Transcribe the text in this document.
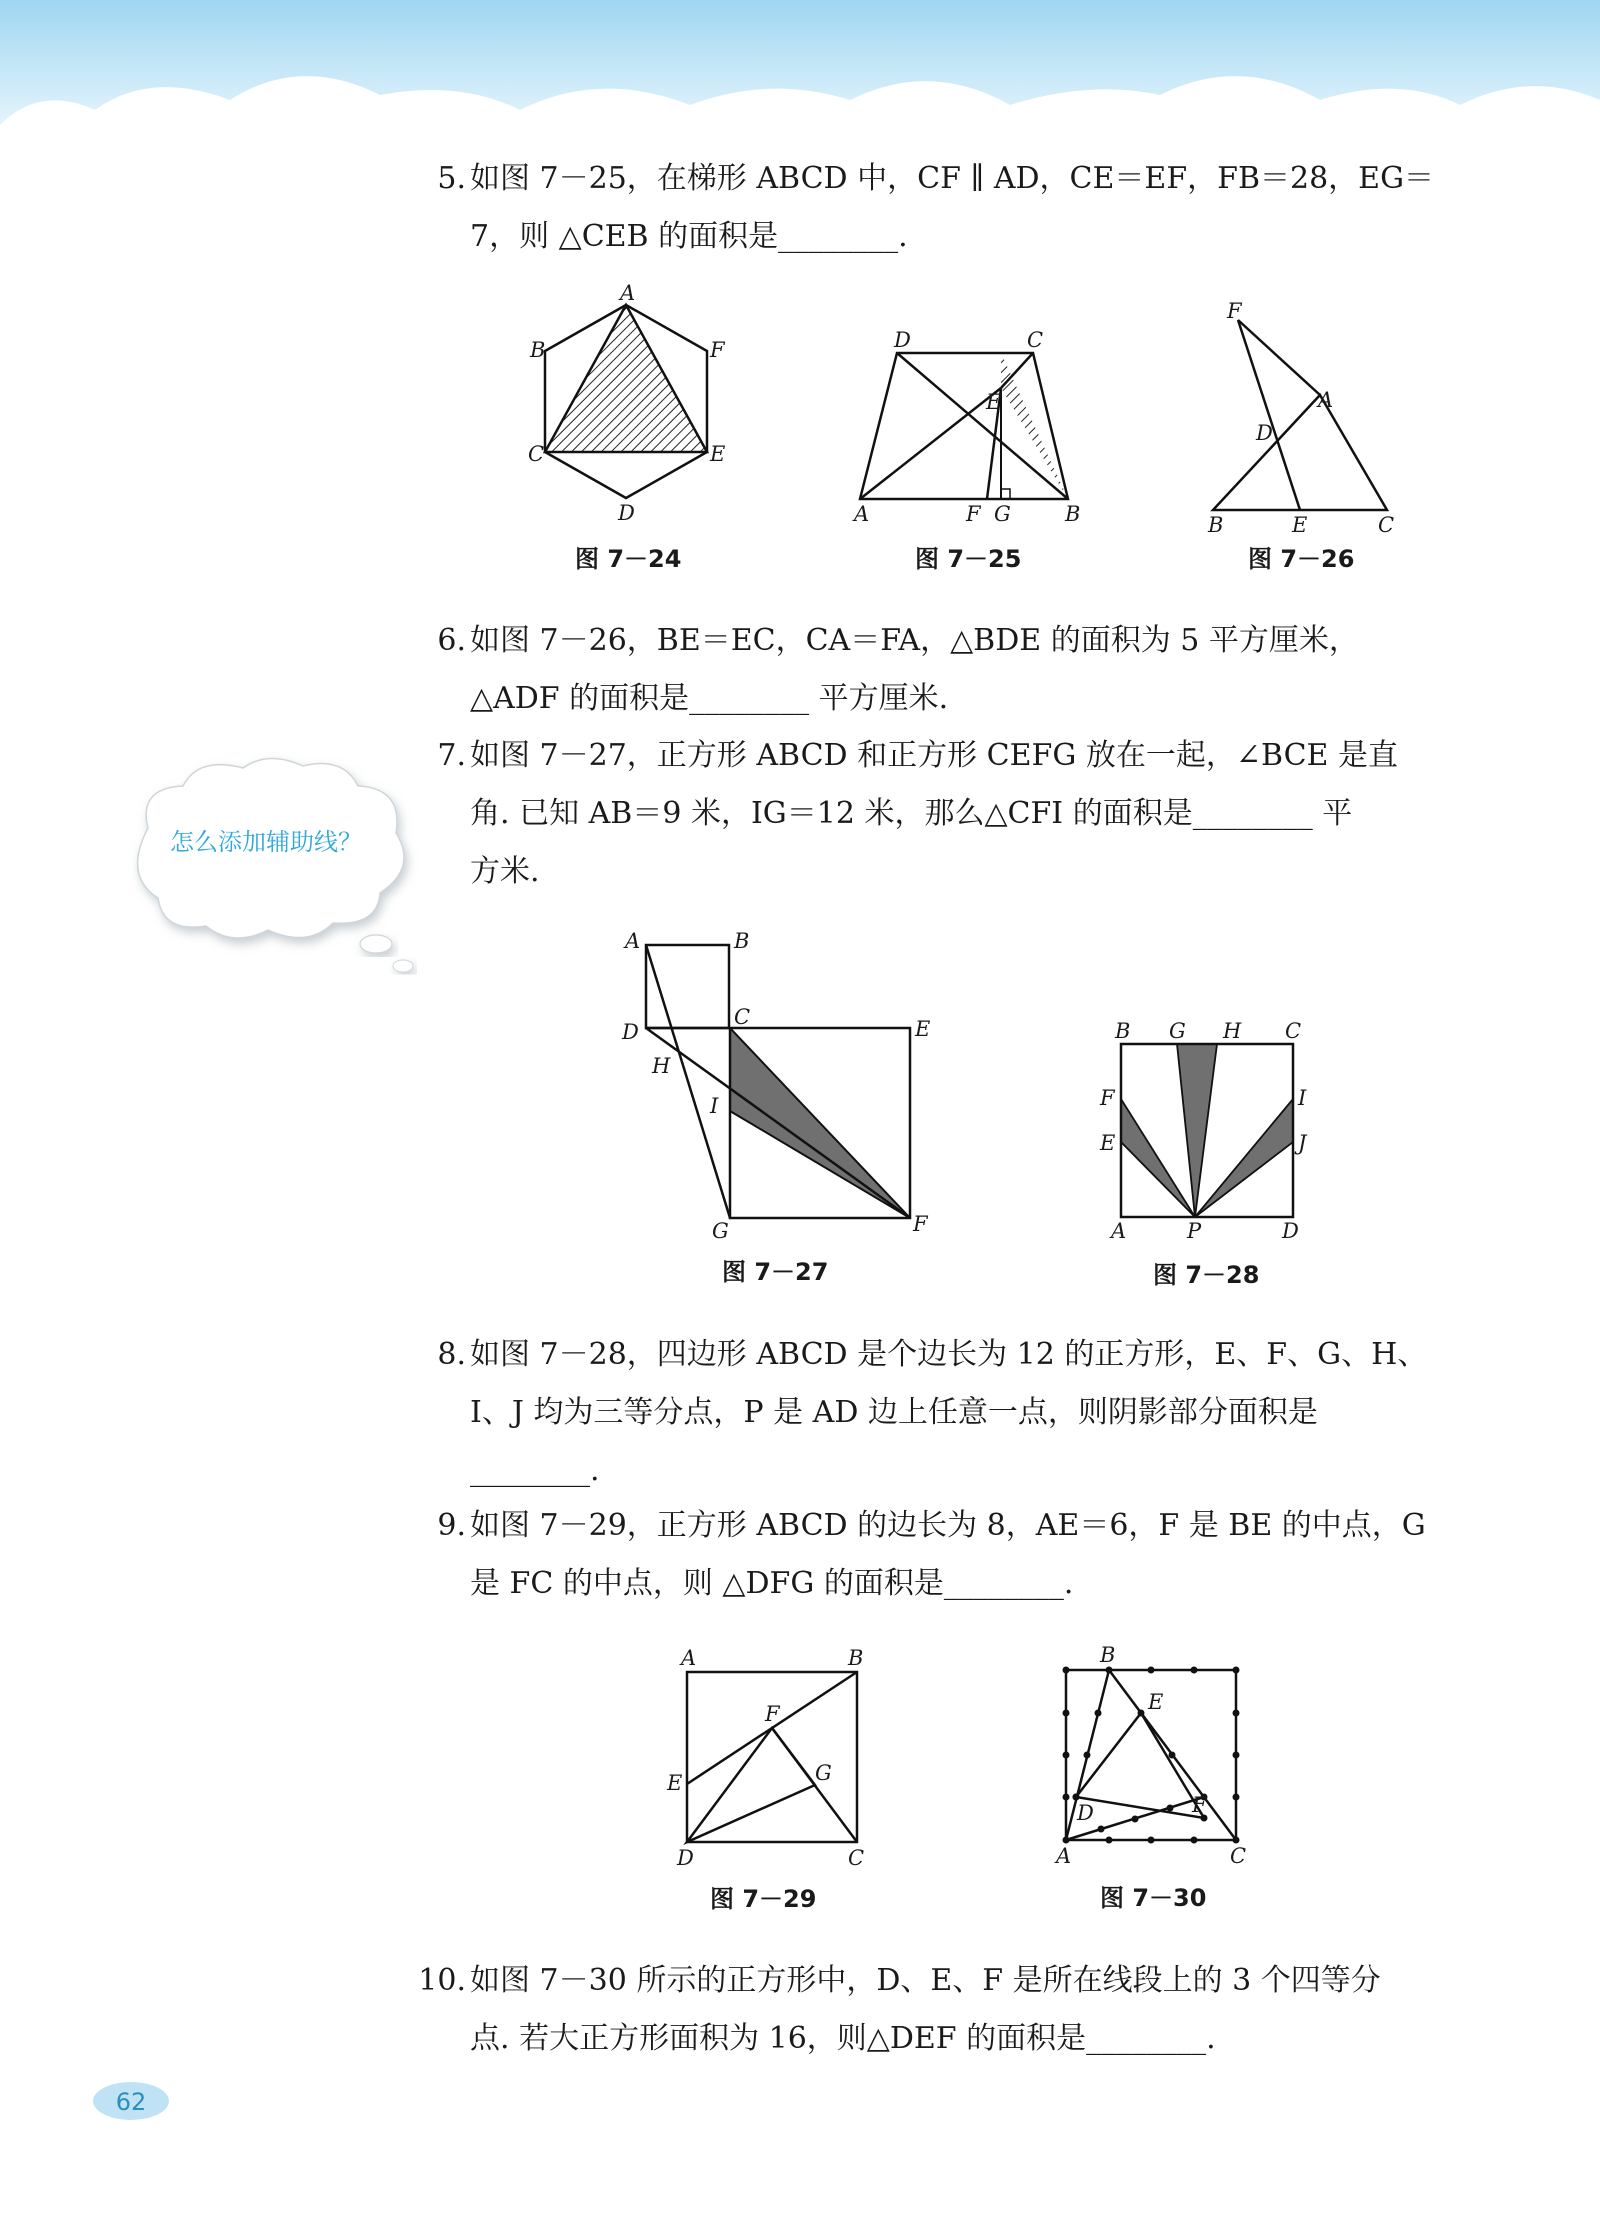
5. 如图 7－25，在梯形 ABCD 中，CF ∥ AD，CE＝EF，FB＝28，EG＝
7，则 △CEB 的面积是________.
A
B
C
D
E
F
图 7－24
D	C
E
A	F G	B
图 7－25
F
A
D
B	E	C
图 7－26
6. 如图 7－26，BE＝EC，CA＝FA，△BDE 的面积为 5 平方厘米，
△ADF 的面积是________ 平方厘米.
7. 如图 7－27，正方形 ABCD 和正方形 CEFG 放在一起，∠BCE 是直
角. 已知 AB＝9 米，IG＝12 米，那么△CFI 的面积是________ 平
方米.
怎么添加辅助线？
A	B
C
D	E
H
I
G	F
图 7－27
B G H C
F	I
E	J
A	P	D
图 7－28
8. 如图 7－28，四边形 ABCD 是个边长为 12 的正方形，E、F、G、H、
I、J 均为三等分点，P 是 AD 边上任意一点，则阴影部分面积是
________.
9. 如图 7－29，正方形 ABCD 的边长为 8，AE＝6，F 是 BE 的中点，G
是 FC 的中点，则 △DFG 的面积是________.
A	B
F
E	G
D	C
图 7－29
B
E
D	F
A	C
图 7－30
10. 如图 7－30 所示的正方形中，D、E、F 是所在线段上的 3 个四等分
点. 若大正方形面积为 16，则△DEF 的面积是________.
62
